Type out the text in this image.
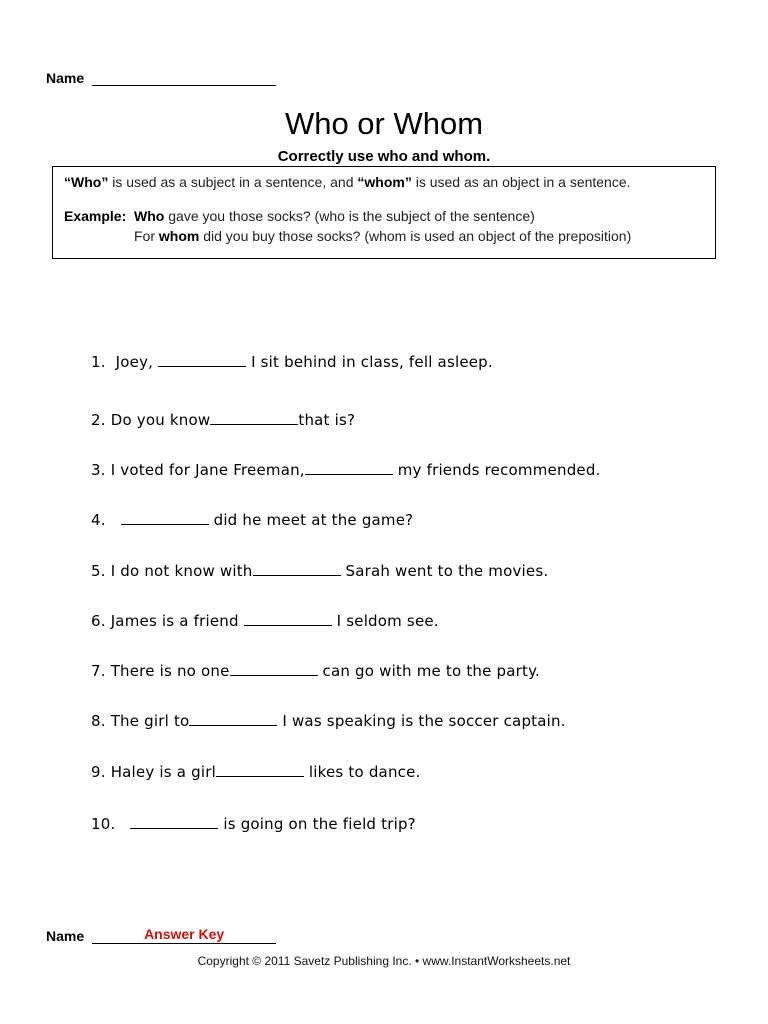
Name
Who or Whom
Correctly use who and whom.
“Who” is used as a subject in a sentence, and “whom” is used as an object in a sentence.
Example: Who gave you those socks? (who is the subject of the sentence)
For whom did you buy those socks? (whom is used an object of the preposition)
1. Joey,	I sit behind in class, fell asleep.
2. Do you know	that is?
3. I voted for Jane Freeman,	my friends recommended.
4.	did he meet at the game?
5. I do not know with	Sarah went to the movies.
6. James is a friend	I seldom see.
7. There is no one	can go with me to the party.
8. The girl to	I was speaking is the soccer captain.
9. Haley is a girl	likes to dance.
10.	is going on the field trip?
Name	Answer Key
Copyright © 2011 Savetz Publishing Inc. • www.InstantWorksheets.net
